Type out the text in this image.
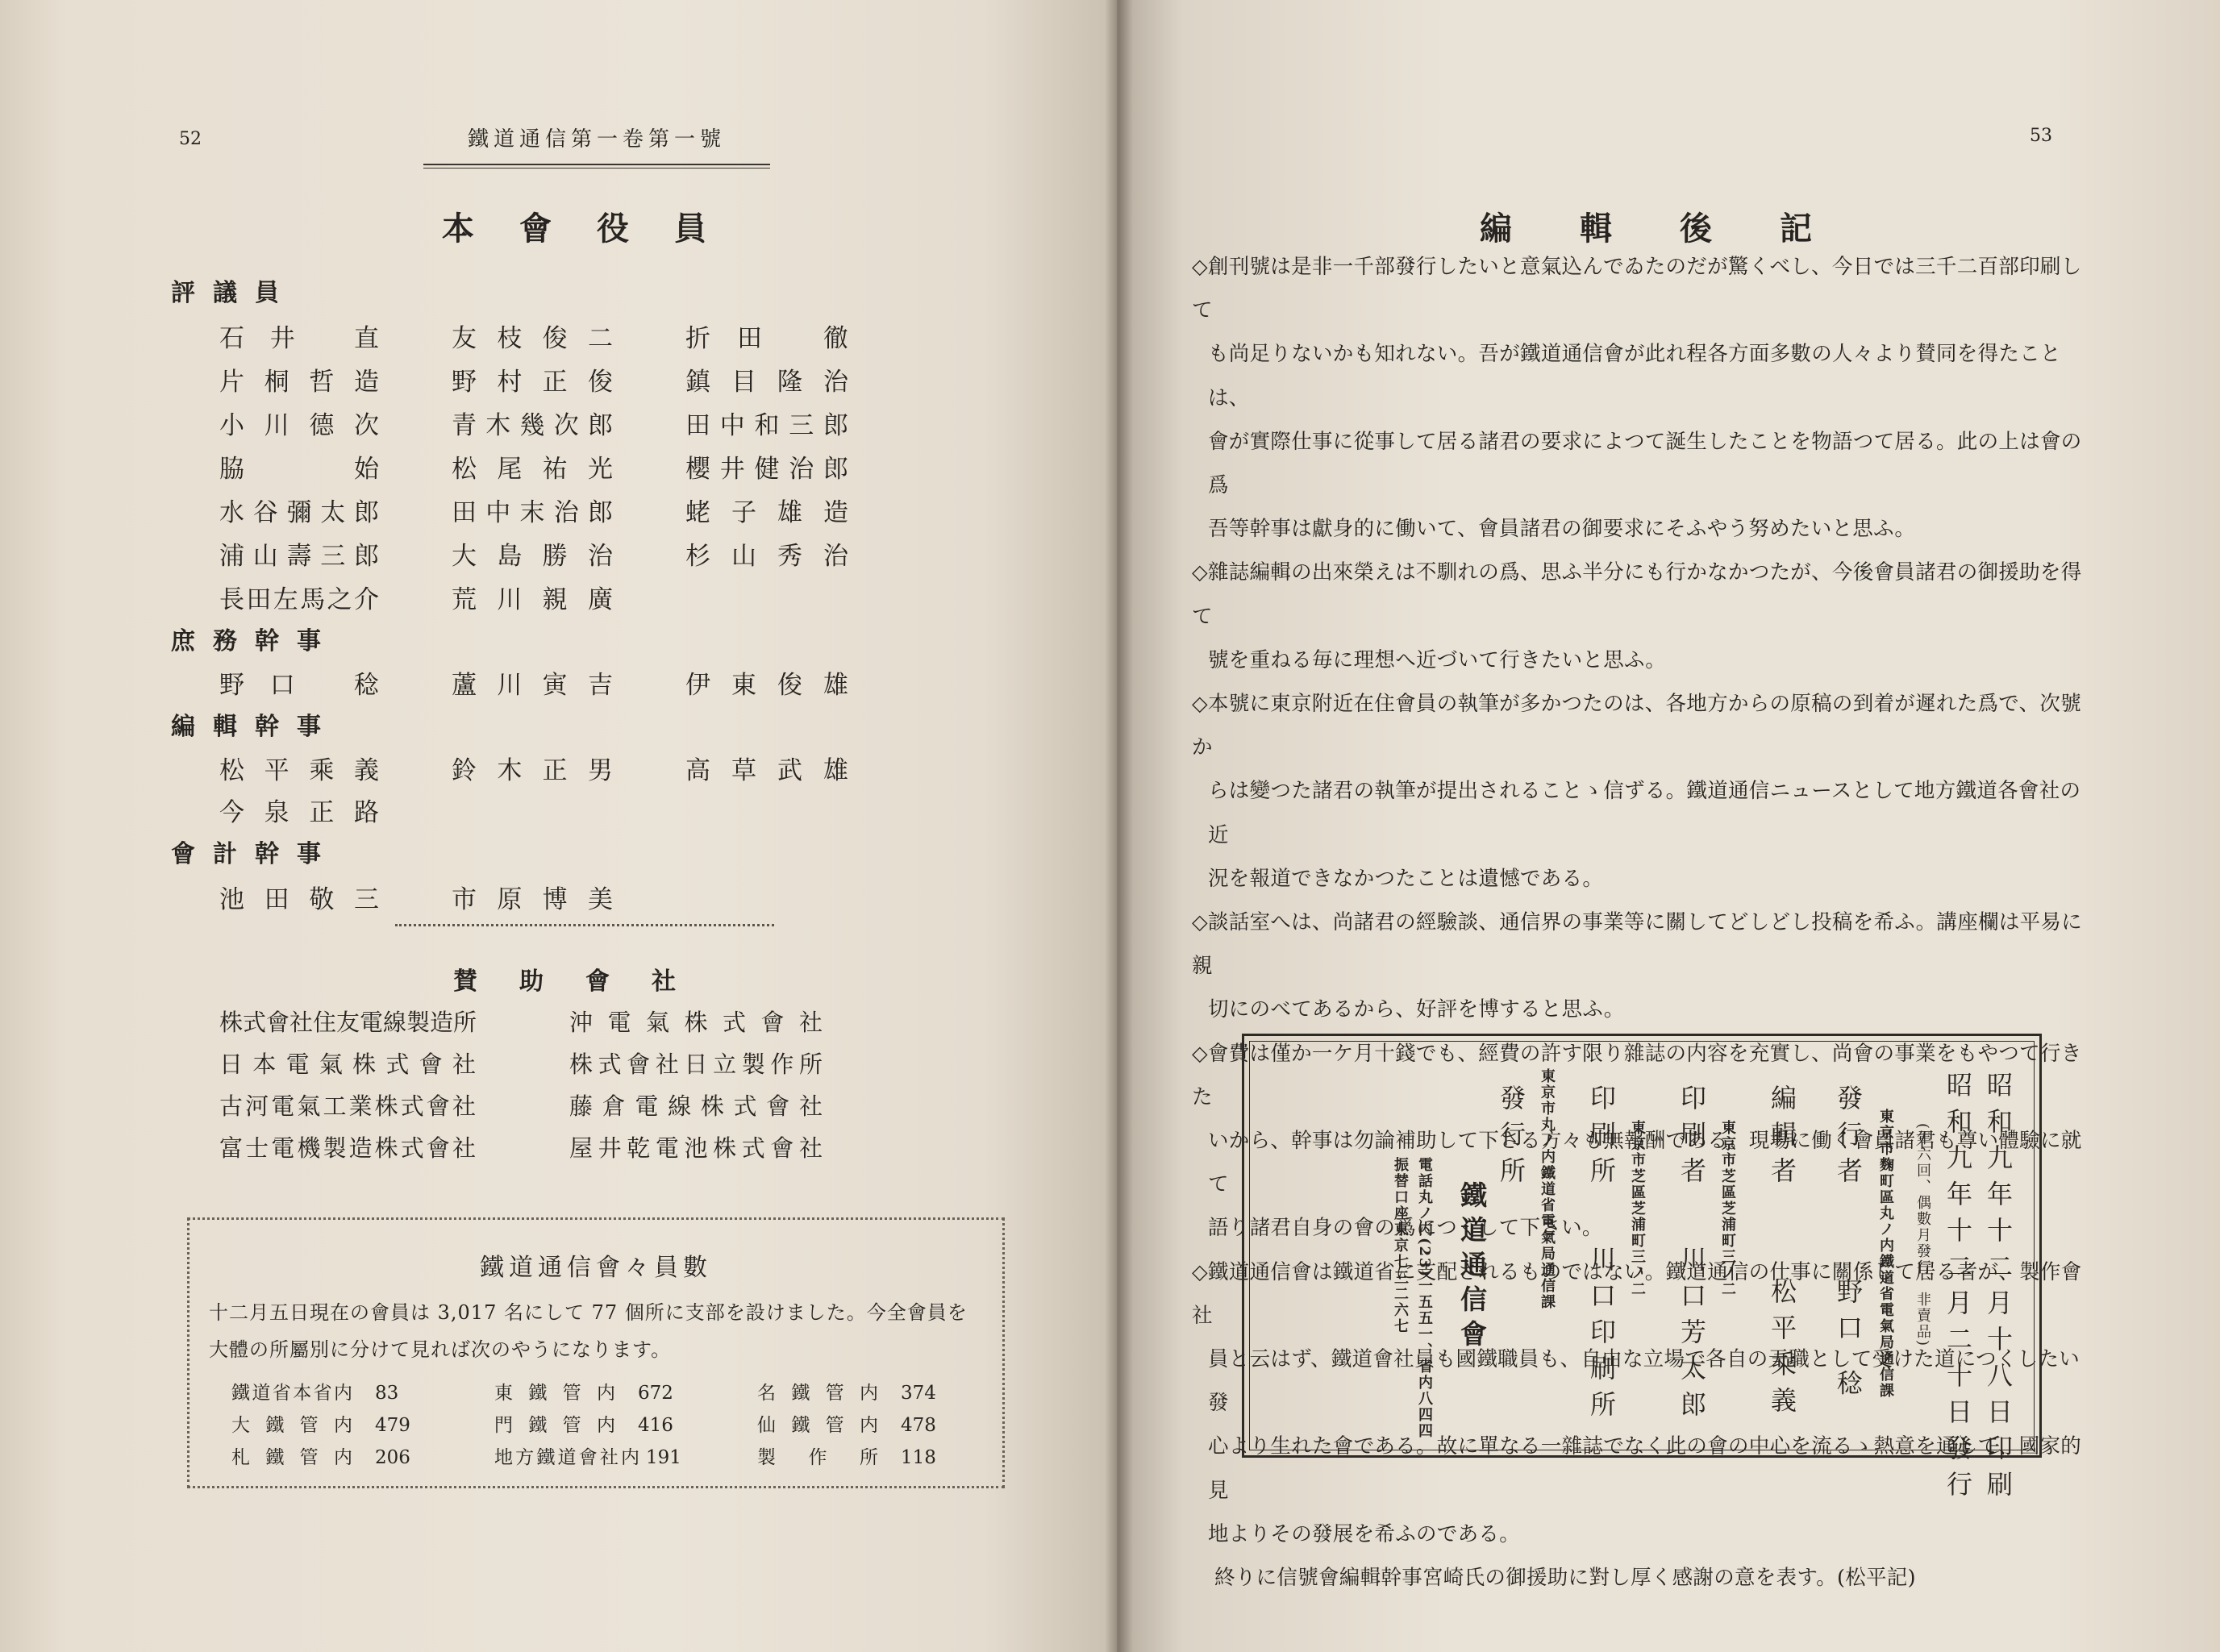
52	鐵道通信第一卷第一號
本會役員
評議員
石井 直	友枝俊二	折田 徹
片桐哲造	野村正俊	鎮目隆治
小川德次	青木幾次郎	田中和三郎
脇 始	松尾祐光	櫻井健治郎
水谷彌太郎	田中末治郎	蛯子雄造
浦山壽三郎	大島勝治	杉山秀治
長田左馬之介	荒川親廣
庶務幹事
野口 稔	蘆川寅吉	伊東俊雄
編輯幹事
松平乘義	鈴木正男	高草武雄
今泉正路
會計幹事
池田敬三	市原博美
賛助會社
株式會社住友電線製造所	沖電氣株式會社
日本電氣株式會社	株式會社日立製作所
古河電氣工業株式會社	藤倉電線株式會社
富士電機製造株式會社	屋井乾電池株式會社
鐵道通信會々員數
十二月五日現在の會員は 3,017 名にして 77 個所に支部を設けました。今全會員を大體の所屬別に分けて見れば次のやうになります。
鐵道省本省内 83	東鐵管内 672	名鐵管内 374
大鐵管内 479	門鐵管内 416	仙鐵管内 478
札鐵管内 206	地方鐵道會社内 191	製作所 118
53
編輯後記
◇創刊號は是非一千部發行したいと意氣込んでゐたのだが驚くべし、今日では三千二百部印刷して
も尚足りないかも知れない。吾が鐵道通信會が此れ程各方面多數の人々より賛同を得たことは、
會が實際仕事に從事して居る諸君の要求によつて誕生したことを物語つて居る。此の上は會の爲
吾等幹事は獻身的に働いて、會員諸君の御要求にそふやう努めたいと思ふ。
◇雜誌編輯の出來榮えは不馴れの爲、思ふ半分にも行かなかつたが、今後會員諸君の御援助を得て
號を重ねる毎に理想へ近づいて行きたいと思ふ。
◇本號に東京附近在住會員の執筆が多かつたのは、各地方からの原稿の到着が遲れた爲で、次號か
らは變つた諸君の執筆が提出されることゝ信ずる。鐵道通信ニュースとして地方鐵道各會社の近
況を報道できなかつたことは遺憾である。
◇談話室へは、尚諸君の經驗談、通信界の事業等に關してどしどし投稿を希ふ。講座欄は平易に親
切にのべてあるから、好評を博すると思ふ。
◇會費は僅か一ケ月十錢でも、經費の許す限り雜誌の内容を充實し、尚會の事業をもやつて行きた
いから、幹事は勿論補助して下さる方々も無報酬である。現場に働く會員諸君も尊い體驗に就て
語り諸君自身の會の爲につくして下さい。
◇鐵道通信會は鐵道省に支配されるものではない。鐵道通信の仕事に關係して居る者が、製作會社
員と云はず、鐵道會社員も國鐵職員も、自由な立場で各自の天職として受けた道につくしたい發
心より生れた會である。故に單なる一雜誌でなく此の會の中心を流るゝ熱意を通して、國家的見
地よりその發展を希ふのである。
終りに信號會編輯幹事宮崎氏の御援助に對し厚く感謝の意を表す。(松平記)
昭和九年十二月十八日印刷
昭和九年十二月二十日發行
(年六回、偶數月發行、非賣品)
東京市麴町區丸ノ内鐵道省電氣局通信課
發行者
野口 稔
編輯者
松平乘義
東京市芝區芝浦町三ノ二
印刷者
川口芳太郎
東京市芝區芝浦町三ノ二
印刷所
川口印刷所
東京市丸ノ内鐵道省電氣局通信課
發行所
鐵道通信會
電話丸ノ内(23)一五五一、省内八四四
振替口座東京七三二六七
